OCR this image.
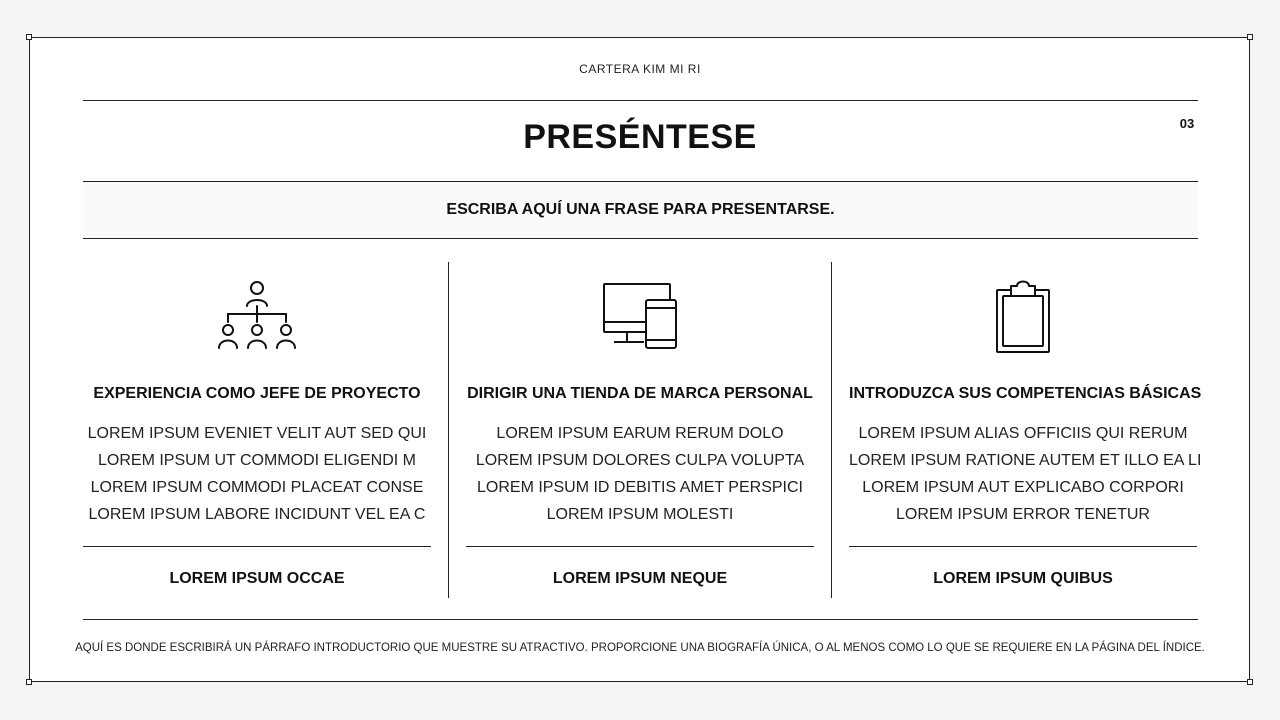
CARTERA KIM MI RI
PRESÉNTESE	03
ESCRIBA AQUÍ UNA FRASE PARA PRESENTARSE.
EXPERIENCIA COMO JEFE DE PROYECTO
LOREM IPSUM EVENIET VELIT AUT SED QUI
LOREM IPSUM UT COMMODI ELIGENDI M
LOREM IPSUM COMMODI PLACEAT CONSE
LOREM IPSUM LABORE INCIDUNT VEL EA C
LOREM IPSUM OCCAE
DIRIGIR UNA TIENDA DE MARCA PERSONAL
LOREM IPSUM EARUM RERUM DOLO
LOREM IPSUM DOLORES CULPA VOLUPTA
LOREM IPSUM ID DEBITIS AMET PERSPICI
LOREM IPSUM MOLESTI
LOREM IPSUM NEQUE
INTRODUZCA SUS COMPETENCIAS BÁSICAS
LOREM IPSUM ALIAS OFFICIIS QUI RERUM
LOREM IPSUM RATIONE AUTEM ET ILLO EA LI
LOREM IPSUM AUT EXPLICABO CORPORI
LOREM IPSUM ERROR TENETUR
LOREM IPSUM QUIBUS
AQUÍ ES DONDE ESCRIBIRÁ UN PÁRRAFO INTRODUCTORIO QUE MUESTRE SU ATRACTIVO. PROPORCIONE UNA BIOGRAFÍA ÚNICA, O AL MENOS COMO LO QUE SE REQUIERE EN LA PÁGINA DEL ÍNDICE.
